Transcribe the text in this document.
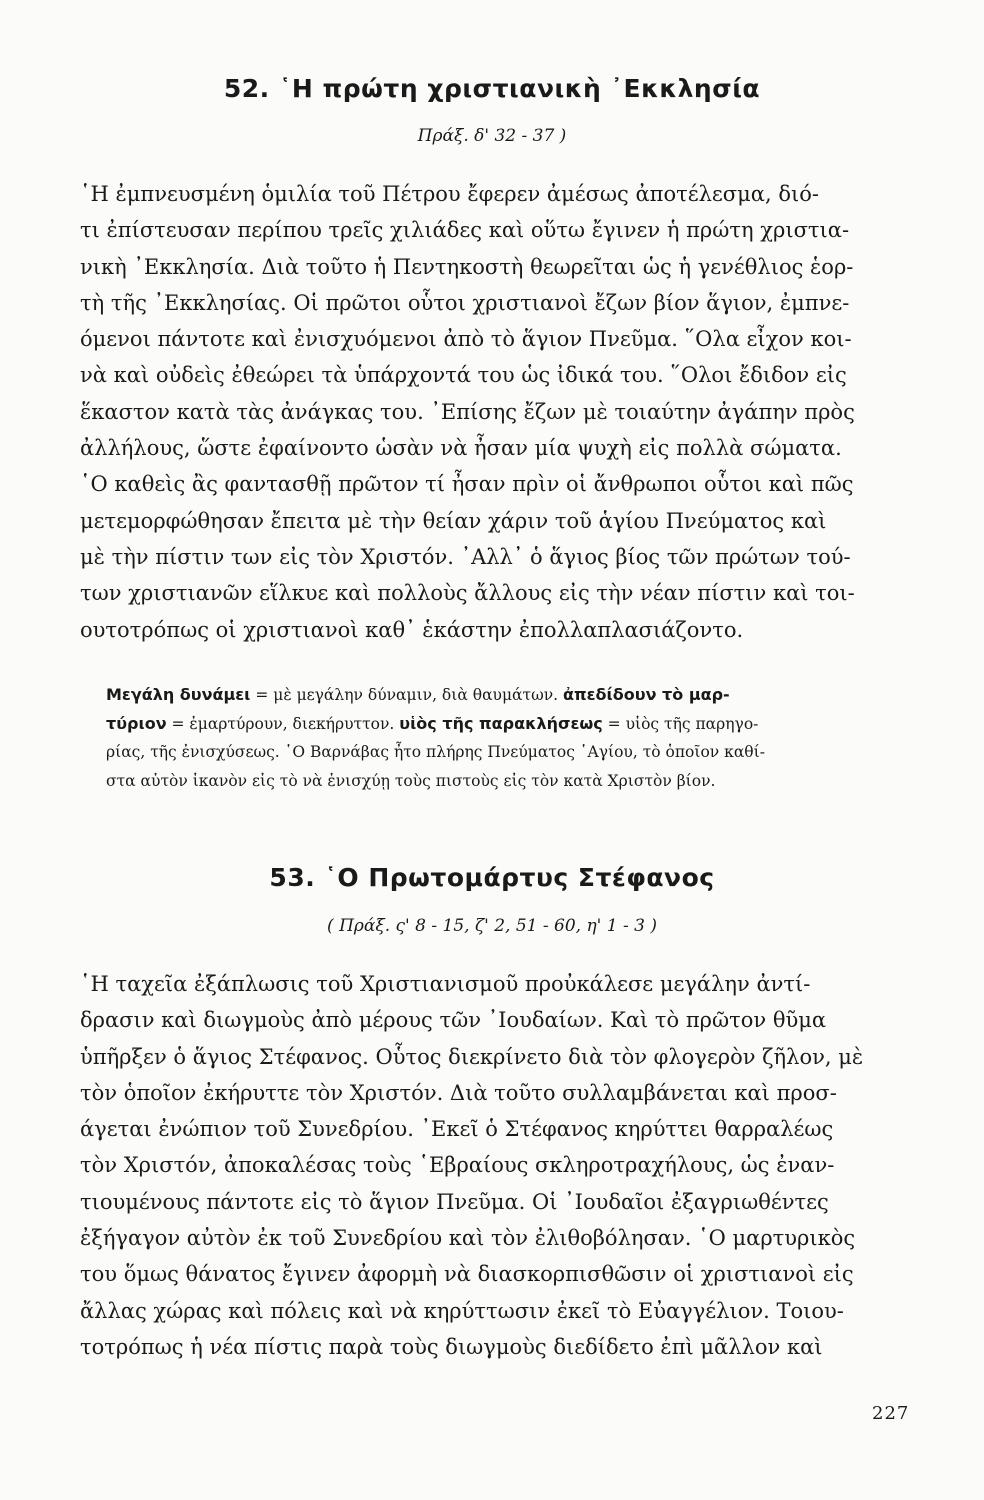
52. ῾Η πρώτη χριστιανικὴ ᾽Εκκλησία
Πράξ. δ' 32 - 37 )
῾Η ἐμπνευσμένη ὁμιλία τοῦ Πέτρου ἔφερεν ἀμέσως ἀποτέλεσμα, διό-
τι ἐπίστευσαν περίπου τρεῖς χιλιάδες καὶ οὕτω ἔγινεν ἡ πρώτη χριστια-
νικὴ ᾽Εκκλησία. Διὰ τοῦτο ἡ Πεντηκοστὴ θεωρεῖται ὡς ἡ γενέθλιος ἑορ-
τὴ τῆς ᾽Εκκλησίας. Οἱ πρῶτοι οὗτοι χριστιανοὶ ἔζων βίον ἅγιον, ἐμπνε-
όμενοι πάντοτε καὶ ἐνισχυόμενοι ἀπὸ τὸ ἅγιον Πνεῦμα. ῞Ολα εἶχον κοι-
νὰ καὶ οὐδεὶς ἐθεώρει τὰ ὑπάρχοντά του ὡς ἰδικά του. ῞Ολοι ἔδιδον εἰς
ἕκαστον κατὰ τὰς ἀνάγκας του. ᾽Επίσης ἔζων μὲ τοιαύτην ἀγάπην πρὸς
ἀλλήλους, ὥστε ἐφαίνοντο ὡσὰν νὰ ἦσαν μία ψυχὴ εἰς πολλὰ σώματα.
῾Ο καθεὶς ἂς φαντασθῇ πρῶτον τί ἦσαν πρὶν οἱ ἄνθρωποι οὗτοι καὶ πῶς
μετεμορφώθησαν ἔπειτα μὲ τὴν θείαν χάριν τοῦ ἁγίου Πνεύματος καὶ
μὲ τὴν πίστιν των εἰς τὸν Χριστόν. ᾽Αλλ᾽ ὁ ἅγιος βίος τῶν πρώτων τού-
των χριστιανῶν εἵλκυε καὶ πολλοὺς ἄλλους εἰς τὴν νέαν πίστιν καὶ τοι-
ουτοτρόπως οἱ χριστιανοὶ καθ᾽ ἑκάστην ἐπολλαπλασιάζοντο.
Μεγάλη δυνάμει = μὲ μεγάλην δύναμιν, διὰ θαυμάτων. ἀπεδίδουν τὸ μαρ-
τύριον = ἐμαρτύρουν, διεκήρυττον. υἱὸς τῆς παρακλήσεως = υἱὸς τῆς παρηγο-
ρίας, τῆς ἐνισχύσεως. ῾Ο Βαρνάβας ἦτο πλήρης Πνεύματος ῾Αγίου, τὸ ὁποῖον καθί-
στα αὐτὸν ἱκανὸν εἰς τὸ νὰ ἐνισχύῃ τοὺς πιστοὺς εἰς τὸν κατὰ Χριστὸν βίον.
53. ῾Ο Πρωτομάρτυς Στέφανος
( Πράξ. ς' 8 - 15, ζ' 2, 51 - 60, η' 1 - 3 )
῾Η ταχεῖα ἐξάπλωσις τοῦ Χριστιανισμοῦ προὐκάλεσε μεγάλην ἀντί-
δρασιν καὶ διωγμοὺς ἀπὸ μέρους τῶν ᾽Ιουδαίων. Καὶ τὸ πρῶτον θῦμα
ὑπῆρξεν ὁ ἅγιος Στέφανος. Οὗτος διεκρίνετο διὰ τὸν φλογερὸν ζῆλον, μὲ
τὸν ὁποῖον ἐκήρυττε τὸν Χριστόν. Διὰ τοῦτο συλλαμβάνεται καὶ προσ-
άγεται ἐνώπιον τοῦ Συνεδρίου. ᾽Εκεῖ ὁ Στέφανος κηρύττει θαρραλέως
τὸν Χριστόν, ἀποκαλέσας τοὺς ῾Εβραίους σκληροτραχήλους, ὡς ἐναν-
τιουμένους πάντοτε εἰς τὸ ἅγιον Πνεῦμα. Οἱ ᾽Ιουδαῖοι ἐξαγριωθέντες
ἐξήγαγον αὐτὸν ἐκ τοῦ Συνεδρίου καὶ τὸν ἐλιθοβόλησαν. ῾Ο μαρτυρικὸς
του ὅμως θάνατος ἔγινεν ἀφορμὴ νὰ διασκορπισθῶσιν οἱ χριστιανοὶ εἰς
ἄλλας χώρας καὶ πόλεις καὶ νὰ κηρύττωσιν ἐκεῖ τὸ Εὐαγγέλιον. Τοιου-
τοτρόπως ἡ νέα πίστις παρὰ τοὺς διωγμοὺς διεδίδετο ἐπὶ μᾶλλον καὶ
227
